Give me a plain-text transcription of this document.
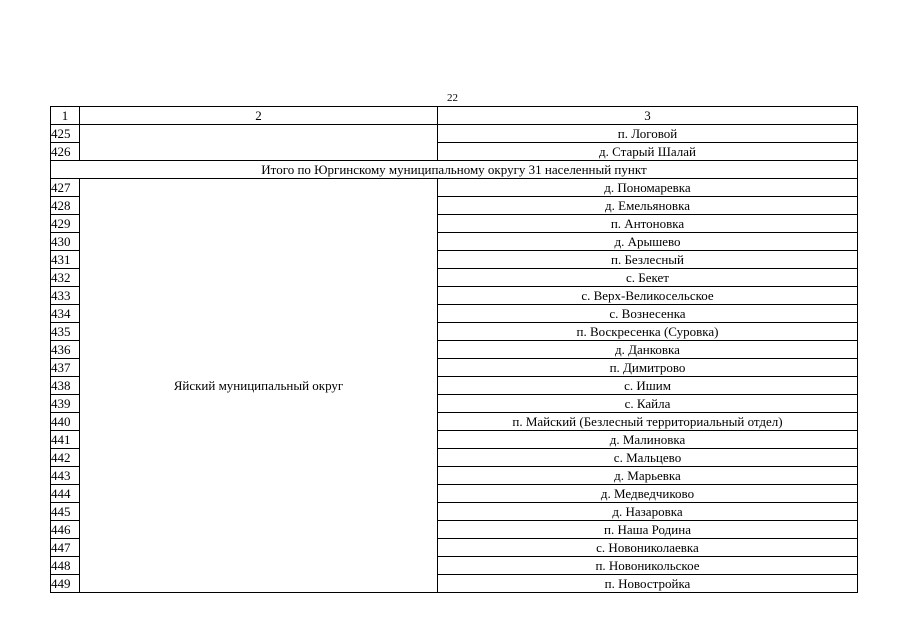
22
1	2	3
425		п. Логовой
426		д. Старый Шалай
Итого по Юргинскому муниципальному округу 31 населенный пункт		
427	Яйский муниципальный округ	д. Пономаревка
428		д. Емельяновка
429		п. Антоновка
430		д. Арышево
431		п. Безлесный
432		с. Бекет
433		с. Верх-Великосельское
434		с. Вознесенка
435		п. Воскресенка (Суровка)
436		д. Данковка
437		п. Димитрово
438		с. Ишим
439		с. Кайла
440		п. Майский (Безлесный территориальный отдел)
441		д. Малиновка
442		с. Мальцево
443		д. Марьевка
444		д. Медведчиково
445		д. Назаровка
446		п. Наша Родина
447		с. Новониколаевка
448		п. Новоникольское
449		п. Новостройка
